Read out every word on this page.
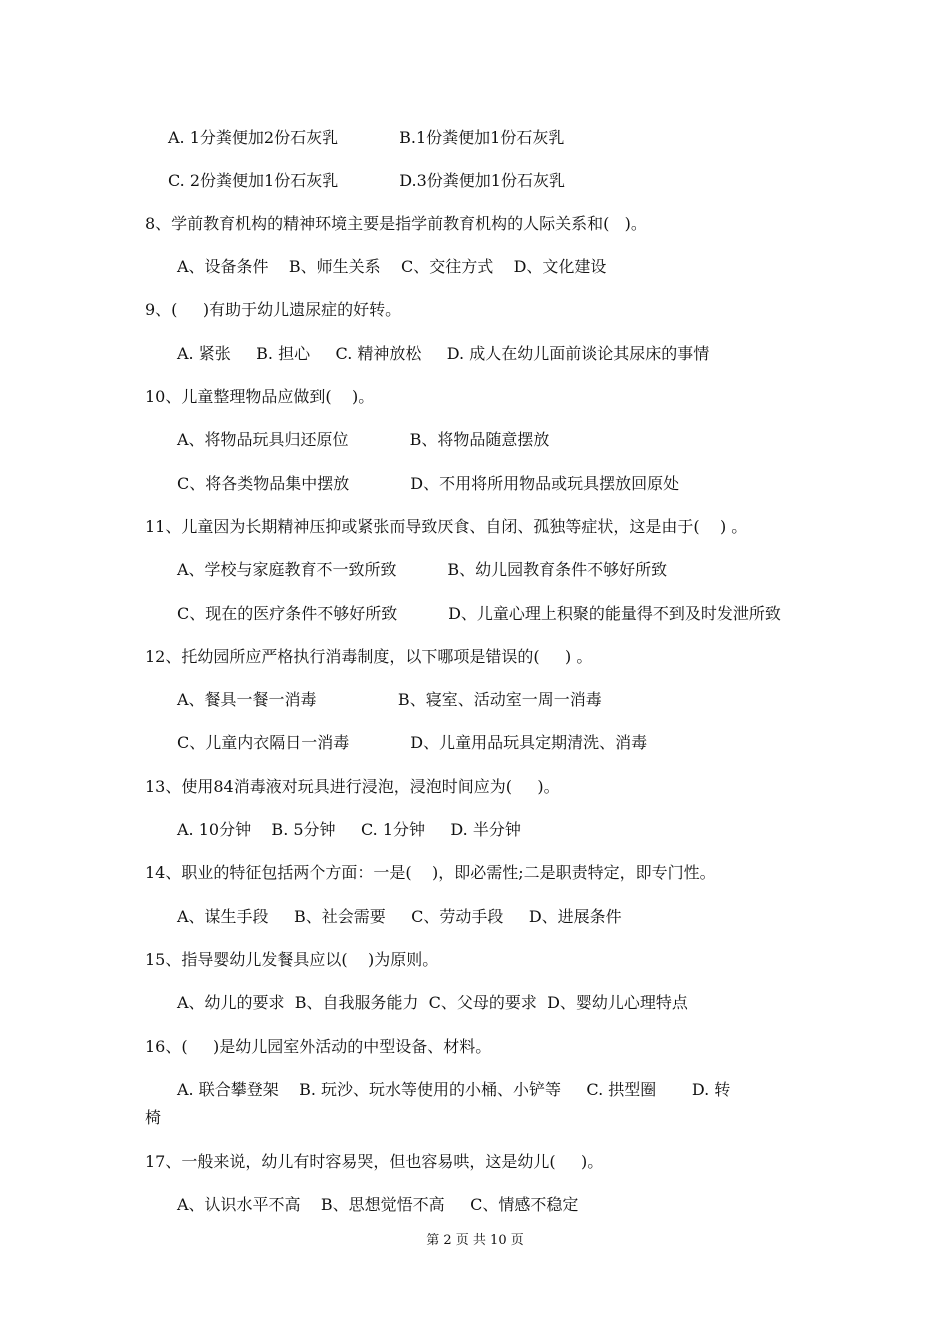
A. 1分粪便加2份石灰乳            B.1份粪便加1份石灰乳
C. 2份粪便加1份石灰乳            D.3份粪便加1份石灰乳
8、学前教育机构的精神环境主要是指学前教育机构的人际关系和(   )。
A、设备条件    B、师生关系    C、交往方式    D、文化建设
9、(     )有助于幼儿遗尿症的好转。
A. 紧张     B. 担心     C. 精神放松     D. 成人在幼儿面前谈论其尿床的事情
10、儿童整理物品应做到(    )。
A、将物品玩具归还原位            B、将物品随意摆放
C、将各类物品集中摆放            D、不用将所用物品或玩具摆放回原处
11、儿童因为长期精神压抑或紧张而导致厌食、自闭、孤独等症状，这是由于(    ) 。
A、学校与家庭教育不一致所致          B、幼儿园教育条件不够好所致
C、现在的医疗条件不够好所致          D、儿童心理上积聚的能量得不到及时发泄所致
12、托幼园所应严格执行消毒制度，以下哪项是错误的(     ) 。
A、餐具一餐一消毒                B、寝室、活动室一周一消毒
C、儿童内衣隔日一消毒            D、儿童用品玩具定期清洗、消毒
13、使用84消毒液对玩具进行浸泡，浸泡时间应为(     )。
A. 10分钟    B. 5分钟     C. 1分钟     D. 半分钟
14、职业的特征包括两个方面：一是(    )，即必需性;二是职责特定，即专门性。
A、谋生手段     B、社会需要     C、劳动手段     D、进展条件
15、指导婴幼儿发餐具应以(    )为原则。
A、幼儿的要求  B、自我服务能力  C、父母的要求  D、婴幼儿心理特点
16、(     )是幼儿园室外活动的中型设备、材料。
A. 联合攀登架    B. 玩沙、玩水等使用的小桶、小铲等     C. 拱型圈       D. 转
椅
17、一般来说，幼儿有时容易哭，但也容易哄，这是幼儿(     )。
A、认识水平不高    B、思想觉悟不高     C、情感不稳定
第 2 页 共 10 页
